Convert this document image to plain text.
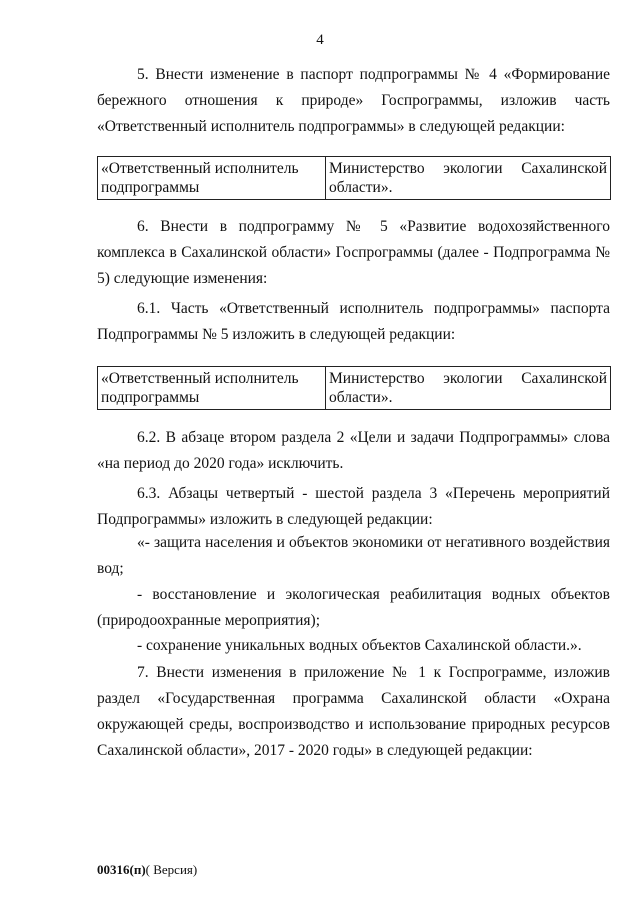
4
5. Внести изменение в паспорт подпрограммы № 4 «Формирование бережного отношения к природе» Госпрограммы, изложив часть «Ответственный исполнитель подпрограммы» в следующей редакции:
«Ответственный исполнитель подпрограммы	Министерство экологии Сахалинской области».
6. Внести в подпрограмму № 5 «Развитие водохозяйственного комплекса в Сахалинской области» Госпрограммы (далее - Подпрограмма № 5) следующие изменения:
6.1. Часть «Ответственный исполнитель подпрограммы» паспорта Подпрограммы № 5 изложить в следующей редакции:
«Ответственный исполнитель подпрограммы	Министерство экологии Сахалинской области».
6.2. В абзаце втором раздела 2 «Цели и задачи Подпрограммы» слова «на период до 2020 года» исключить.
6.3. Абзацы четвертый - шестой раздела 3 «Перечень мероприятий Подпрограммы» изложить в следующей редакции:
«- защита населения и объектов экономики от негативного воздействия вод;
- восстановление и экологическая реабилитация водных объектов (природоохранные мероприятия);
- сохранение уникальных водных объектов Сахалинской области.».
7. Внести изменения в приложение № 1 к Госпрограмме, изложив раздел «Государственная программа Сахалинской области «Охрана окружающей среды, воспроизводство и использование природных ресурсов Сахалинской области», 2017 - 2020 годы» в следующей редакции:
00316(п)( Версия)
